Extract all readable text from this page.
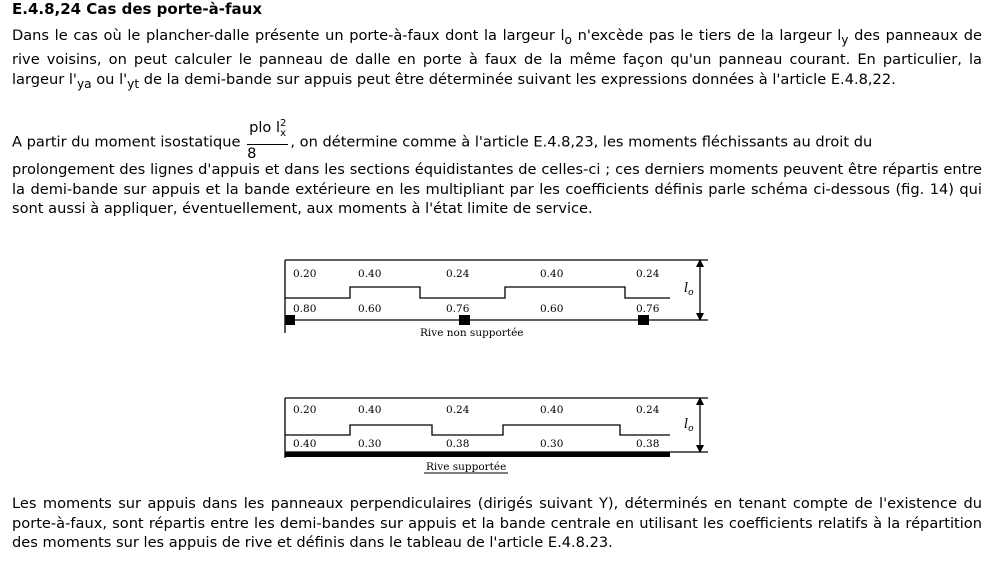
E.4.8,24 Cas des porte-à-faux
Dans le cas où le plancher-dalle présente un porte-à-faux dont la largeur $l_o$ n'excède pas le tiers de la largeur $l_y$ des panneaux de rive voisins, on peut calculer le panneau de dalle en porte à faux de la même façon qu'un panneau courant. En particulier, la largeur $l'_{ya}$ ou $l'_{yt}$ de la demi-bande sur appuis peut être déterminée suivant les expressions données à l'article E.4.8,22.
A partir du moment isostatique $\frac{plo l_x^2}{8}$ , on détermine comme à l'article E.4.8,23, les moments fléchissants au droit du
prolongement des lignes d'appuis et dans les sections équidistantes de celles-ci ; ces derniers moments peuvent être répartis entre la demi-bande sur appuis et la bande extérieure en les multipliant par les coefficients définis parle schéma ci-dessous (fig. 14) qui sont aussi à appliquer, éventuellement, aux moments à l'état limite de service.
0.20	0.40	0.24	0.40	0.24
0.80	0.60	0.76	0.60	0.76
Rive non supportée
$l_o$
0.20	0.40	0.24	0.40	0.24
0.40	0.30	0.38	0.30	0.38
Rive supportée
$l_o$
Les moments sur appuis dans les panneaux perpendiculaires (dirigés suivant Y), déterminés en tenant compte de l'existence du porte-à-faux, sont répartis entre les demi-bandes sur appuis et la bande centrale en utilisant les coefficients relatifs à la répartition des moments sur les appuis de rive et définis dans le tableau de l'article E.4.8.23.
